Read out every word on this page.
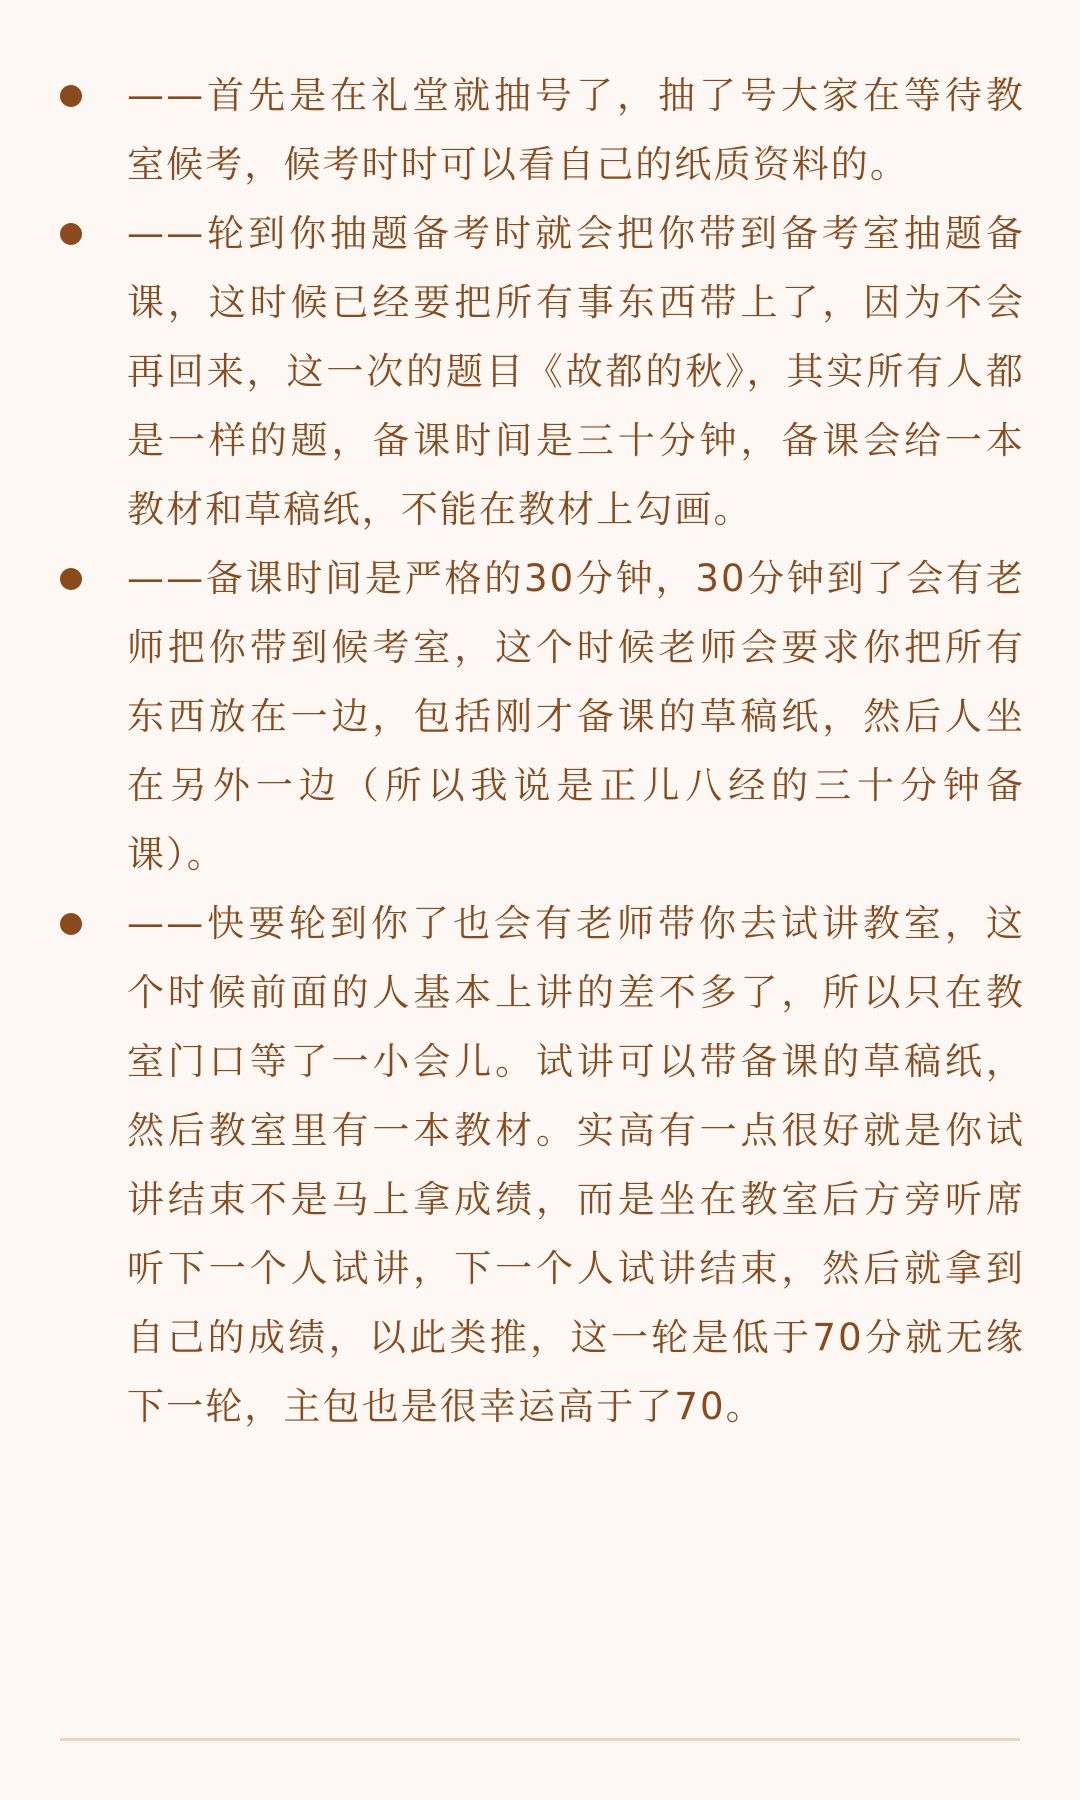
——首先是在礼堂就抽号了，抽了号大家在等待教室候考，候考时时可以看自己的纸质资料的。

——轮到你抽题备考时就会把你带到备考室抽题备课，这时候已经要把所有事东西带上了，因为不会再回来，这一次的题目《故都的秋》，其实所有人都是一样的题，备课时间是三十分钟，备课会给一本教材和草稿纸，不能在教材上勾画。

——备课时间是严格的30分钟，30分钟到了会有老师把你带到候考室，这个时候老师会要求你把所有东西放在一边，包括刚才备课的草稿纸，然后人坐在另外一边（所以我说是正儿八经的三十分钟备课）。

——快要轮到你了也会有老师带你去试讲教室，这个时候前面的人基本上讲的差不多了，所以只在教室门口等了一小会儿。试讲可以带备课的草稿纸，然后教室里有一本教材。实高有一点很好就是你试讲结束不是马上拿成绩，而是坐在教室后方旁听席听下一个人试讲，下一个人试讲结束，然后就拿到自己的成绩，以此类推，这一轮是低于70分就无缘下一轮，主包也是很幸运高于了70。
